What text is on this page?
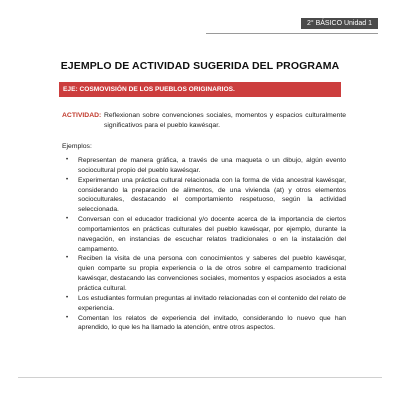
2° BÁSICO Unidad 1
EJEMPLO DE ACTIVIDAD SUGERIDA DEL PROGRAMA
EJE: COSMOVISIÓN DE LOS PUEBLOS ORIGINARIOS.
ACTIVIDAD: Reflexionan sobre convenciones sociales, momentos y espacios culturalmente significativos para el pueblo kawésqar.
Ejemplos:
• Representan de manera gráfica, a través de una maqueta o un dibujo, algún evento sociocultural propio del pueblo kawésqar.
• Experimentan una práctica cultural relacionada con la forma de vida ancestral kawésqar, considerando la preparación de alimentos, de una vivienda (at) y otros elementos socioculturales, destacando el comportamiento respetuoso, según la actividad seleccionada.
• Conversan con el educador tradicional y/o docente acerca de la importancia de ciertos comportamientos en prácticas culturales del pueblo kawésqar, por ejemplo, durante la navegación, en instancias de escuchar relatos tradicionales o en la instalación del campamento.
• Reciben la visita de una persona con conocimientos y saberes del pueblo kawésqar, quien comparte su propia experiencia o la de otros sobre el campamento tradicional kawésqar, destacando las convenciones sociales, momentos y espacios asociados a esta práctica cultural.
• Los estudiantes formulan preguntas al invitado relacionadas con el contenido del relato de experiencia.
• Comentan los relatos de experiencia del invitado, considerando lo nuevo que han aprendido, lo que les ha llamado la atención, entre otros aspectos.
